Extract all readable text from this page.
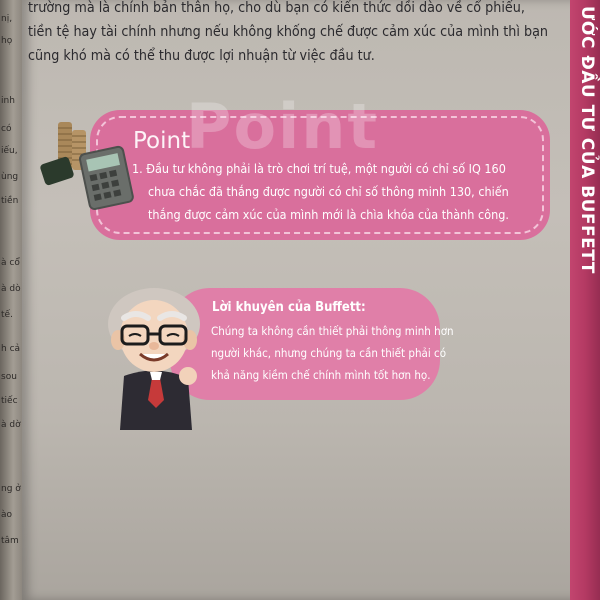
nị,
họ
inh
có
iếu,
ùng
tiền
à cổ
à dò
tế.
h cả
sou
tiếc
à dờ
ng ở
ào
tâm
ƯỚC ĐẦU TƯ CỦA BUFFETT
trường mà là chính bản thân họ, cho dù bạn có kiến thức dồi dào về cổ phiếu,
tiền tệ hay tài chính nhưng nếu không khống chế được cảm xúc của mình thì bạn
cũng khó mà có thể thu được lợi nhuận từ việc đầu tư.
Point
Point
1. Đầu tư không phải là trò chơi trí tuệ, một người có chỉ số IQ 160
chưa chắc đã thắng được người có chỉ số thông minh 130, chiến
thắng được cảm xúc của mình mới là chìa khóa của thành công.
Lời khuyên của Buffett:
Chúng ta không cần thiết phải thông minh hơn
người khác, nhưng chúng ta cần thiết phải có
khả năng kiềm chế chính mình tốt hơn họ.
